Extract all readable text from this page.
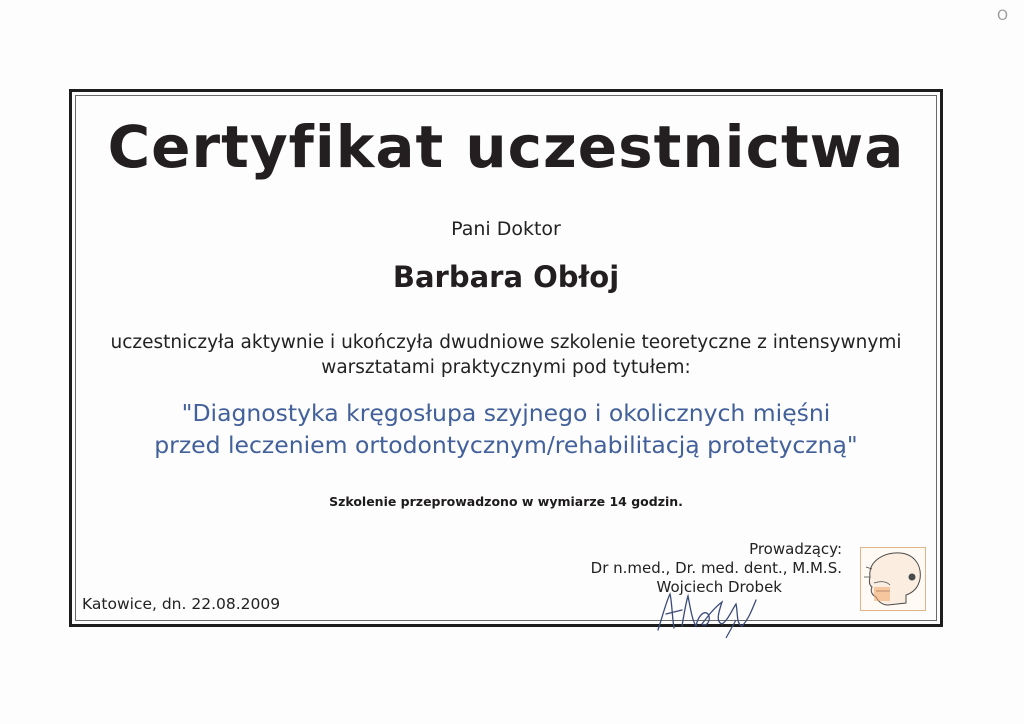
O
Certyfikat uczestnictwa
Pani Doktor
Barbara Obłoj
uczestniczyła aktywnie i ukończyła dwudniowe szkolenie teoretyczne z intensywnymi
warsztatami praktycznymi pod tytułem:
"Diagnostyka kręgosłupa szyjnego i okolicznych mięśni
przed leczeniem ortodontycznym/rehabilitacją protetyczną"
Szkolenie przeprowadzono w wymiarze 14 godzin.
Katowice, dn. 22.08.2009
Prowadzący:
Dr n.med., Dr. med. dent., M.M.S.
Wojciech Drobek
